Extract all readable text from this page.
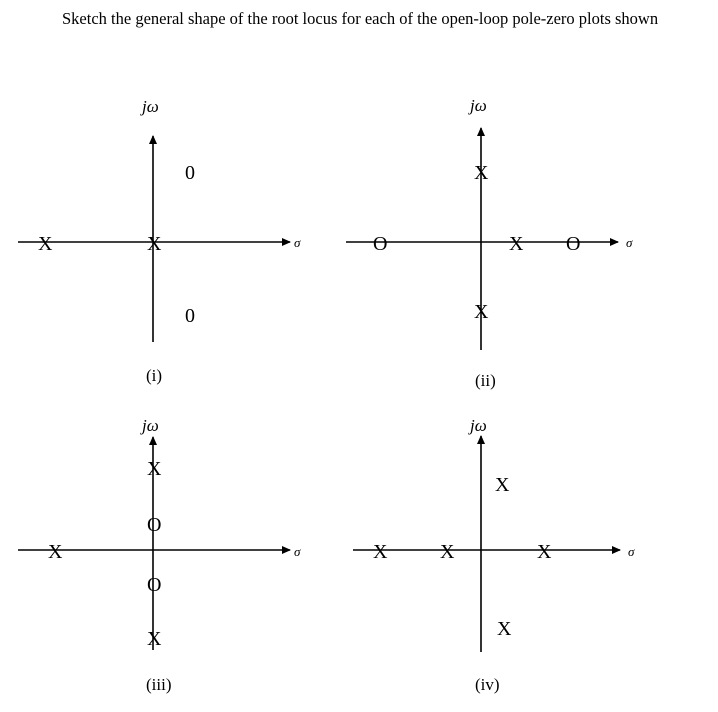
Sketch the general shape of the root locus for each of the open-loop pole-zero plots shown
jω
σ
X	X
0
0
(i)
jω
σ
X
X
X
O	O
(ii)
jω
σ
X
X
X
O
O
(iii)
jω
σ
X	X	X
X
X
(iv)
